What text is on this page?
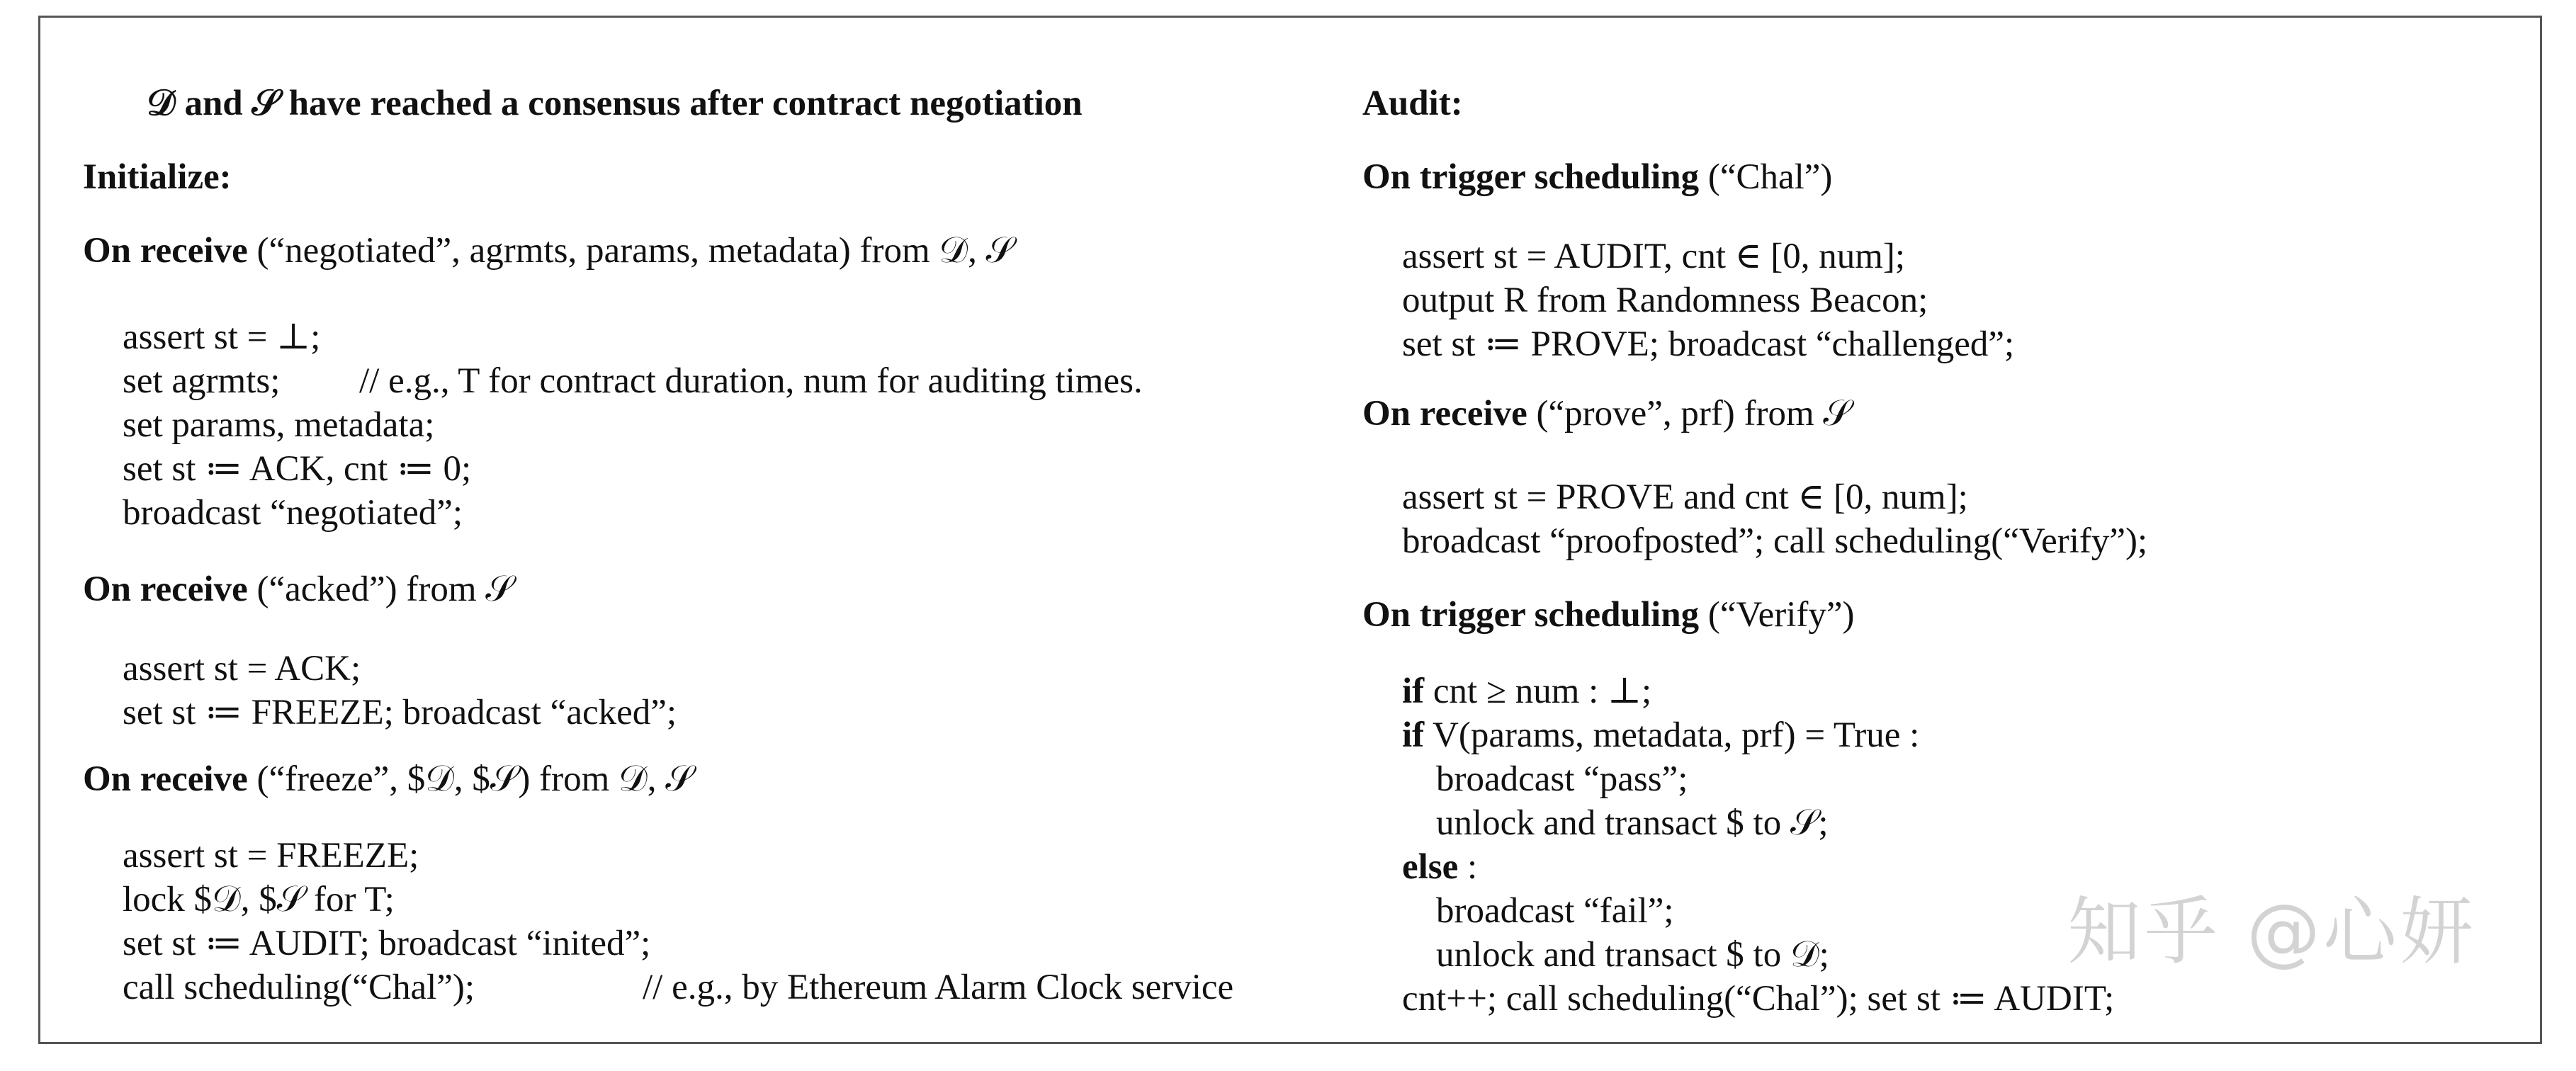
𝒟 and 𝒮 have reached a consensus after contract negotiation
Initialize:
On receive (“negotiated”, agrmts, params, metadata) from 𝒟, 𝒮
assert st = ⊥;
set agrmts; // e.g., T for contract duration, num for auditing times.
set params, metadata;
set st ≔ ACK, cnt ≔ 0;
broadcast “negotiated”;
On receive (“acked”) from 𝒮
assert st = ACK;
set st ≔ FREEZE; broadcast “acked”;
On receive (“freeze”, $𝒟, $𝒮) from 𝒟, 𝒮
assert st = FREEZE;
lock $𝒟, $𝒮 for T;
set st ≔ AUDIT; broadcast “inited”;
call scheduling(“Chal”);	// e.g., by Ethereum Alarm Clock service
Audit:
On trigger scheduling (“Chal”)
assert st = AUDIT, cnt ∈ [0, num];
output R from Randomness Beacon;
set st ≔ PROVE; broadcast “challenged”;
On receive (“prove”, prf) from 𝒮
assert st = PROVE and cnt ∈ [0, num];
broadcast “proofposted”; call scheduling(“Verify”);
On trigger scheduling (“Verify”)
if cnt ≥ num : ⊥;
if V(params, metadata, prf) = True :
broadcast “pass”;
unlock and transact $ to 𝒮;
else :
broadcast “fail”;
unlock and transact $ to 𝒟;
cnt++; call scheduling(“Chal”); set st ≔ AUDIT;
知乎 @心妍
